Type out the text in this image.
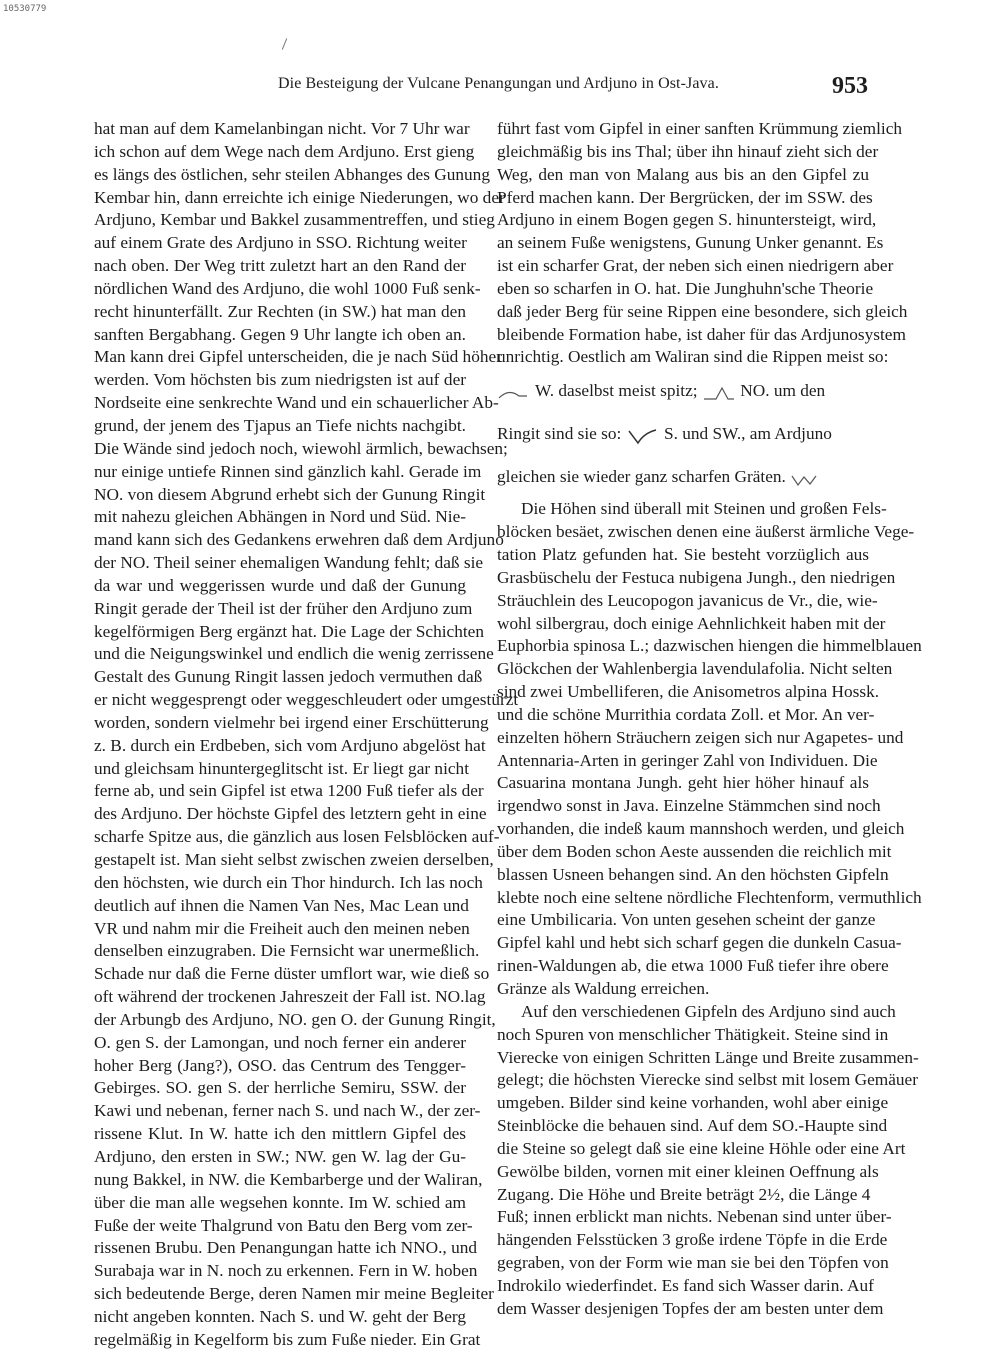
10530779
Die Besteigung der Vulcane Penangungan und Ardjuno in Ost-Java.	953
hat man auf dem Kamelanbingan nicht. Vor 7 Uhr war
ich schon auf dem Wege nach dem Ardjuno. Erst gieng
es längs des östlichen, sehr steilen Abhanges des Gunung
Kembar hin, dann erreichte ich einige Niederungen, wo der
Ardjuno, Kembar und Bakkel zusammentreffen, und stieg
auf einem Grate des Ardjuno in SSO. Richtung weiter
nach oben. Der Weg tritt zuletzt hart an den Rand der
nördlichen Wand des Ardjuno, die wohl 1000 Fuß senk-
recht hinunterfällt. Zur Rechten (in SW.) hat man den
sanften Bergabhang. Gegen 9 Uhr langte ich oben an.
Man kann drei Gipfel unterscheiden, die je nach Süd höher
werden. Vom höchsten bis zum niedrigsten ist auf der
Nordseite eine senkrechte Wand und ein schauerlicher Ab-
grund, der jenem des Tjapus an Tiefe nichts nachgibt.
Die Wände sind jedoch noch, wiewohl ärmlich, bewachsen;
nur einige untiefe Rinnen sind gänzlich kahl. Gerade im
NO. von diesem Abgrund erhebt sich der Gunung Ringit
mit nahezu gleichen Abhängen in Nord und Süd. Nie-
mand kann sich des Gedankens erwehren daß dem Ardjuno
der NO. Theil seiner ehemaligen Wandung fehlt; daß sie
da war und weggerissen wurde und daß der Gunung
Ringit gerade der Theil ist der früher den Ardjuno zum
kegelförmigen Berg ergänzt hat. Die Lage der Schichten
und die Neigungswinkel und endlich die wenig zerrissene
Gestalt des Gunung Ringit lassen jedoch vermuthen daß
er nicht weggesprengt oder weggeschleudert oder umgestürzt
worden, sondern vielmehr bei irgend einer Erschütterung
z. B. durch ein Erdbeben, sich vom Ardjuno abgelöst hat
und gleichsam hinuntergeglitscht ist. Er liegt gar nicht
ferne ab, und sein Gipfel ist etwa 1200 Fuß tiefer als der
des Ardjuno. Der höchste Gipfel des letztern geht in eine
scharfe Spitze aus, die gänzlich aus losen Felsblöcken auf-
gestapelt ist. Man sieht selbst zwischen zweien derselben,
den höchsten, wie durch ein Thor hindurch. Ich las noch
deutlich auf ihnen die Namen Van Nes, Mac Lean und
VR und nahm mir die Freiheit auch den meinen neben
denselben einzugraben. Die Fernsicht war unermeßlich.
Schade nur daß die Ferne düster umflort war, wie dieß so
oft während der trockenen Jahreszeit der Fall ist. NO.lag
der Arbungb des Ardjuno, NO. gen O. der Gunung Ringit,
O. gen S. der Lamongan, und noch ferner ein anderer
hoher Berg (Jang?), OSO. das Centrum des Tengger-
Gebirges. SO. gen S. der herrliche Semiru, SSW. der
Kawi und nebenan, ferner nach S. und nach W., der zer-
rissene Klut. In W. hatte ich den mittlern Gipfel des
Ardjuno, den ersten in SW.; NW. gen W. lag der Gu-
nung Bakkel, in NW. die Kembarberge und der Waliran,
über die man alle wegsehen konnte. Im W. schied am
Fuße der weite Thalgrund von Batu den Berg vom zer-
rissenen Brubu. Den Penangungan hatte ich NNO., und
Surabaja war in N. noch zu erkennen. Fern in W. hoben
sich bedeutende Berge, deren Namen mir meine Begleiter
nicht angeben konnten. Nach S. und W. geht der Berg
regelmäßig in Kegelform bis zum Fuße nieder. Ein Grat
führt fast vom Gipfel in einer sanften Krümmung ziemlich
gleichmäßig bis ins Thal; über ihn hinauf zieht sich der
Weg, den man von Malang aus bis an den Gipfel zu
Pferd machen kann. Der Bergrücken, der im SSW. des
Ardjuno in einem Bogen gegen S. hinuntersteigt, wird,
an seinem Fuße wenigstens, Gunung Unker genannt. Es
ist ein scharfer Grat, der neben sich einen niedrigern aber
eben so scharfen in O. hat. Die Junghuhn'sche Theorie
daß jeder Berg für seine Rippen eine besondere, sich gleich
bleibende Formation habe, ist daher für das Ardjunosystem
unrichtig. Oestlich am Waliran sind die Rippen meist so:
W. daselbst meist spitz; NO. um den
Ringit sind sie so: S. und SW., am Ardjuno
gleichen sie wieder ganz scharfen Gräten.
Die Höhen sind überall mit Steinen und großen Fels-
blöcken besäet, zwischen denen eine äußerst ärmliche Vege-
tation Platz gefunden hat. Sie besteht vorzüglich aus
Grasbüschelu der Festuca nubigena Jungh., den niedrigen
Sträuchlein des Leucopogon javanicus de Vr., die, wie-
wohl silbergrau, doch einige Aehnlichkeit haben mit der
Euphorbia spinosa L.; dazwischen hiengen die himmelblauen
Glöckchen der Wahlenbergia lavendulafolia. Nicht selten
sind zwei Umbelliferen, die Anisometros alpina Hossk.
und die schöne Murrithia cordata Zoll. et Mor. An ver-
einzelten höhern Sträuchern zeigen sich nur Agapetes- und
Antennaria-Arten in geringer Zahl von Individuen. Die
Casuarina montana Jungh. geht hier höher hinauf als
irgendwo sonst in Java. Einzelne Stämmchen sind noch
vorhanden, die indeß kaum mannshoch werden, und gleich
über dem Boden schon Aeste aussenden die reichlich mit
blassen Usneen behangen sind. An den höchsten Gipfeln
klebte noch eine seltene nördliche Flechtenform, vermuthlich
eine Umbilicaria. Von unten gesehen scheint der ganze
Gipfel kahl und hebt sich scharf gegen die dunkeln Casua-
rinen-Waldungen ab, die etwa 1000 Fuß tiefer ihre obere
Gränze als Waldung erreichen.
Auf den verschiedenen Gipfeln des Ardjuno sind auch
noch Spuren von menschlicher Thätigkeit. Steine sind in
Vierecke von einigen Schritten Länge und Breite zusammen-
gelegt; die höchsten Vierecke sind selbst mit losem Gemäuer
umgeben. Bilder sind keine vorhanden, wohl aber einige
Steinblöcke die behauen sind. Auf dem SO.-Haupte sind
die Steine so gelegt daß sie eine kleine Höhle oder eine Art
Gewölbe bilden, vornen mit einer kleinen Oeffnung als
Zugang. Die Höhe und Breite beträgt 2½, die Länge 4
Fuß; innen erblickt man nichts. Nebenan sind unter über-
hängenden Felsstücken 3 große irdene Töpfe in die Erde
gegraben, von der Form wie man sie bei den Töpfen von
Indrokilo wiederfindet. Es fand sich Wasser darin. Auf
dem Wasser desjenigen Topfes der am besten unter dem
